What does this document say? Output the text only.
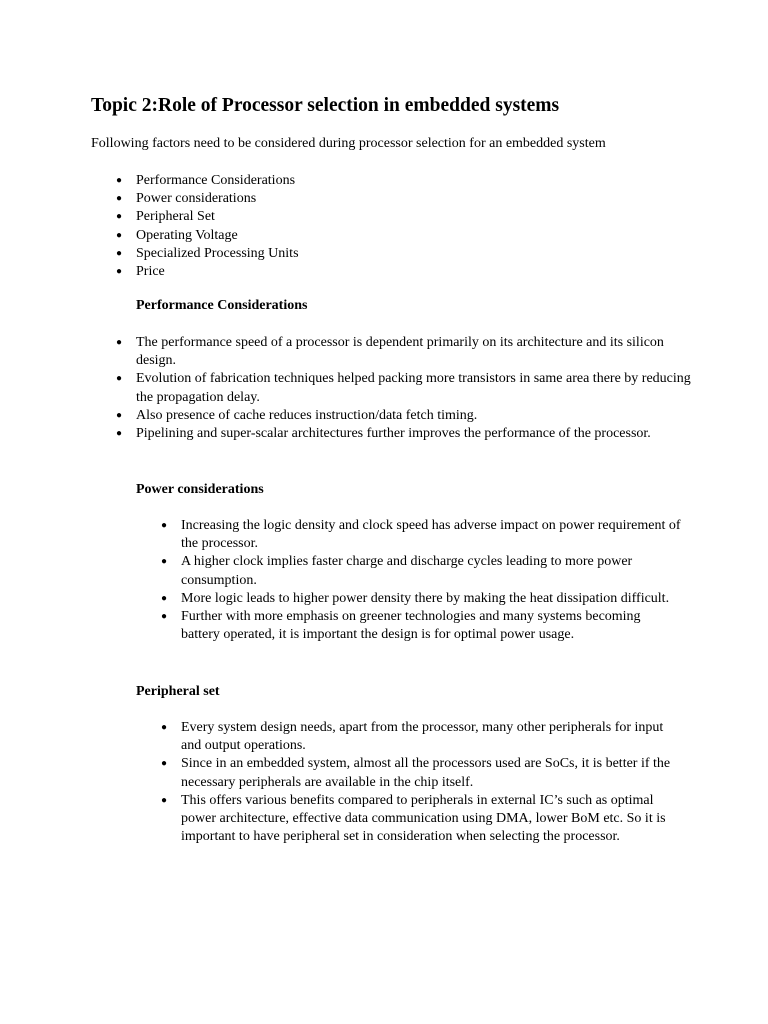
Topic 2:Role of Processor selection in embedded systems

Following factors need to be considered during processor selection for an embedded system

● Performance Considerations
● Power considerations
● Peripheral Set
● Operating Voltage
● Specialized Processing Units
● Price
Performance Considerations
● The performance speed of a processor is dependent primarily on its architecture and its silicon design.
● Evolution of fabrication techniques helped packing more transistors in same area there by reducing the propagation delay.
● Also presence of cache reduces instruction/data fetch timing.
● Pipelining and super-scalar architectures further improves the performance of the processor.
Power considerations
● Increasing the logic density and clock speed has adverse impact on power requirement of the processor.
● A higher clock implies faster charge and discharge cycles leading to more power consumption.
● More logic leads to higher power density there by making the heat dissipation difficult.
● Further with more emphasis on greener technologies and many systems becoming battery operated, it is important the design is for optimal power usage.
Peripheral set
● Every system design needs, apart from the processor, many other peripherals for input and output operations.
● Since in an embedded system, almost all the processors used are SoCs, it is better if the necessary peripherals are available in the chip itself.
● This offers various benefits compared to peripherals in external IC’s such as optimal power architecture, effective data communication using DMA, lower BoM etc. So it is important to have peripheral set in consideration when selecting the processor.
